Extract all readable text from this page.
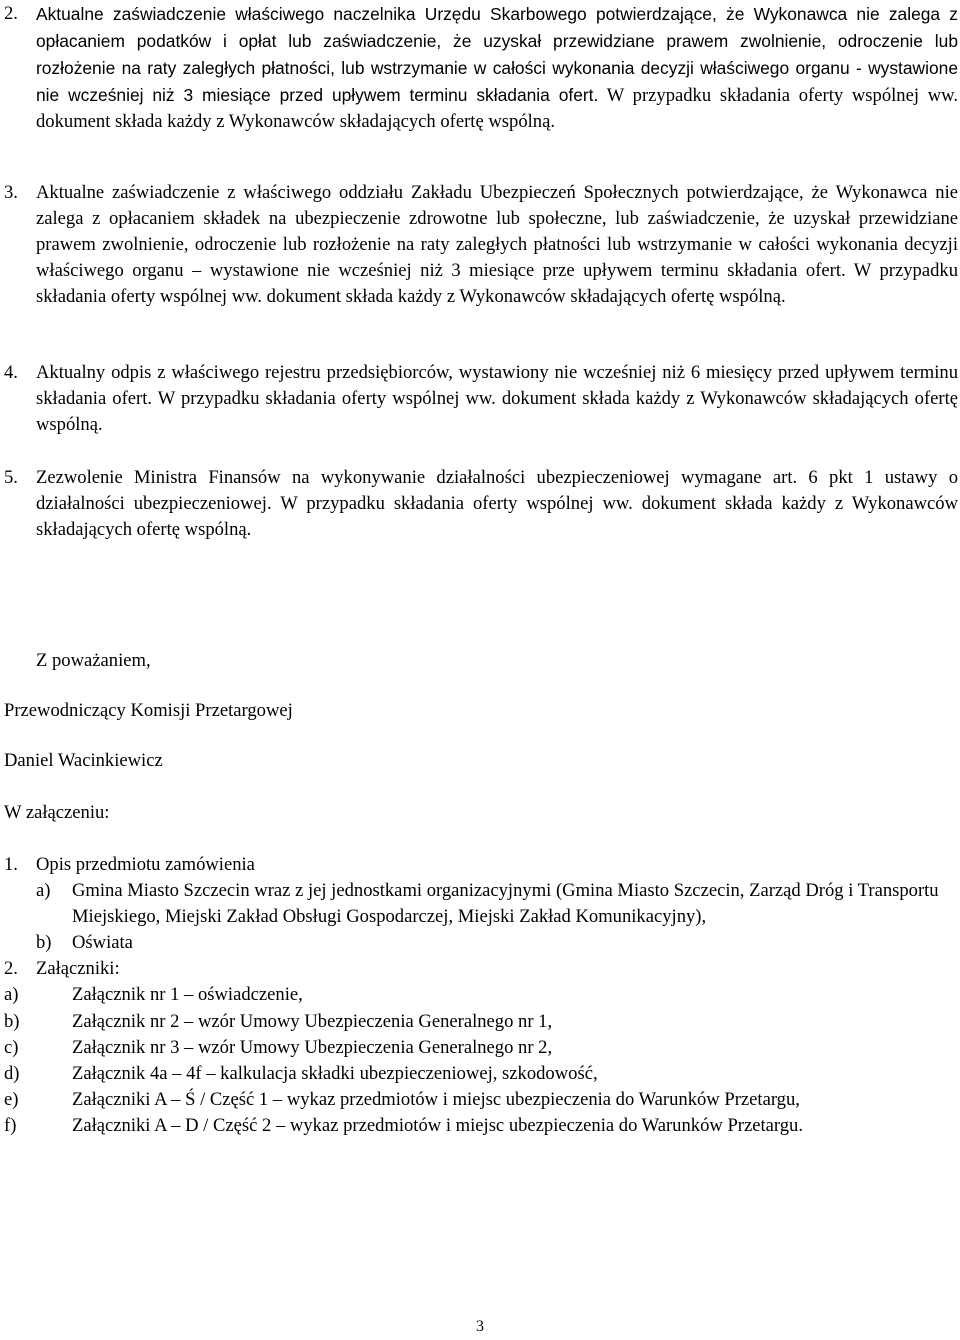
2.	Aktualne zaświadczenie właściwego naczelnika Urzędu Skarbowego potwierdzające, że Wykonawca nie zalega z opłacaniem podatków i opłat lub zaświadczenie, że uzyskał przewidziane prawem zwolnienie, odroczenie lub rozłożenie na raty zaległych płatności, lub wstrzymanie w całości wykonania decyzji właściwego organu - wystawione nie wcześniej niż 3 miesiące przed upływem terminu składania ofert. W przypadku składania oferty wspólnej ww. dokument składa każdy z Wykonawców składających ofertę wspólną.
3. Aktualne zaświadczenie z właściwego oddziału Zakładu Ubezpieczeń Społecznych potwierdzające, że Wykonawca nie zalega z opłacaniem składek na ubezpieczenie zdrowotne lub społeczne, lub zaświadczenie, że uzyskał przewidziane prawem zwolnienie, odroczenie lub rozłożenie na raty zaległych płatności lub wstrzymanie w całości wykonania decyzji właściwego organu – wystawione nie wcześniej niż 3 miesiące prze upływem terminu składania ofert. W przypadku składania oferty wspólnej ww. dokument składa każdy z Wykonawców składających ofertę wspólną.
4. Aktualny odpis z właściwego rejestru przedsiębiorców, wystawiony nie wcześniej niż 6 miesięcy przed upływem terminu składania ofert. W przypadku składania oferty wspólnej ww. dokument składa każdy z Wykonawców składających ofertę wspólną.
5. Zezwolenie Ministra Finansów na wykonywanie działalności ubezpieczeniowej wymagane art. 6 pkt 1 ustawy o działalności ubezpieczeniowej. W przypadku składania oferty wspólnej ww. dokument składa każdy z Wykonawców składających ofertę wspólną.
Z poważaniem,
Przewodniczący Komisji Przetargowej
Daniel Wacinkiewicz
W załączeniu:
1. Opis przedmiotu zamówienia
a)	Gmina Miasto Szczecin wraz z jej jednostkami organizacyjnymi (Gmina Miasto Szczecin, Zarząd Dróg i Transportu Miejskiego, Miejski Zakład Obsługi Gospodarczej, Miejski Zakład Komunikacyjny),
b)	Oświata
2. Załączniki:
a)	Załącznik nr 1 – oświadczenie,
b)	Załącznik nr 2 – wzór Umowy Ubezpieczenia Generalnego nr 1,
c)	Załącznik nr 3 – wzór Umowy Ubezpieczenia Generalnego nr 2,
d)	Załącznik 4a – 4f – kalkulacja składki ubezpieczeniowej, szkodowość,
e)	Załączniki A – Ś / Część 1 – wykaz przedmiotów i miejsc ubezpieczenia do Warunków Przetargu,
f)	Załączniki A – D / Część 2 – wykaz przedmiotów i miejsc ubezpieczenia do Warunków Przetargu.
3
